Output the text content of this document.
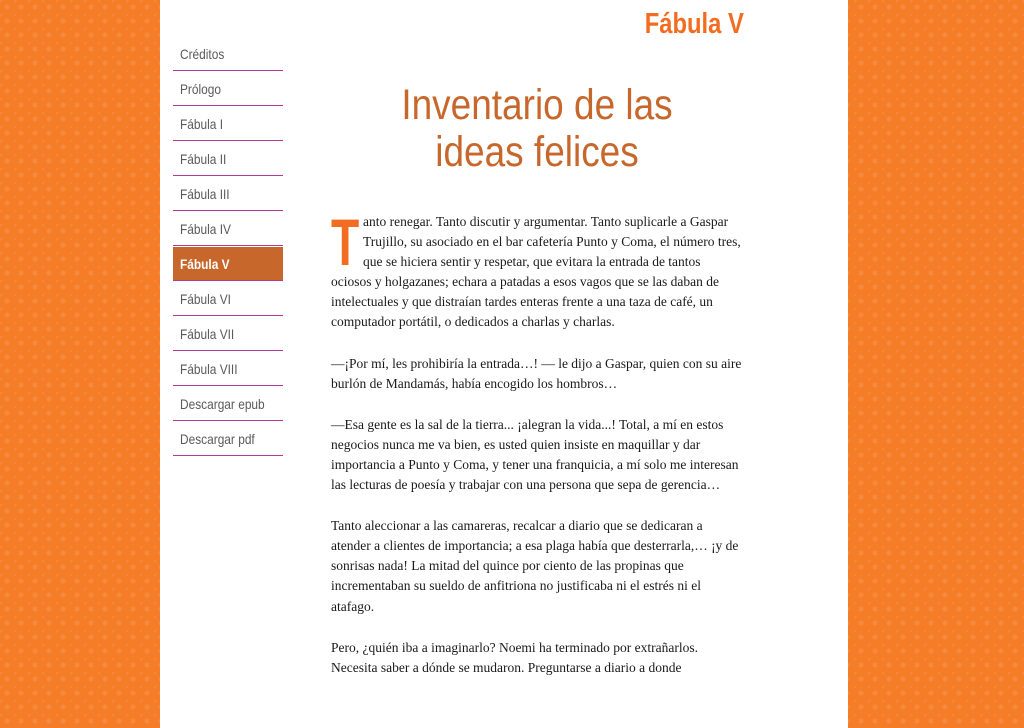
Fábula V
Créditos
Prólogo
Fábula I
Fábula II
Fábula III
Fábula IV
Fábula V
Fábula VI
Fábula VII
Fábula VIII
Descargar epub
Descargar pdf
Inventario de las ideas felices

Tanto renegar. Tanto discutir y argumentar. Tanto suplicarle a Gaspar Trujillo, su asociado en el bar cafetería Punto y Coma, el número tres, que se hiciera sentir y respetar, que evitara la entrada de tantos ociosos y holgazanes; echara a patadas a esos vagos que se las daban de intelectuales y que distraían tardes enteras frente a una taza de café, un computador portátil, o dedicados a charlas y charlas.

—¡Por mí, les prohibiría la entrada…! — le dijo a Gaspar, quien con su aire burlón de Mandamás, había encogido los hombros…

—Esa gente es la sal de la tierra... ¡alegran la vida...! Total, a mí en estos negocios nunca me va bien, es usted quien insiste en maquillar y dar importancia a Punto y Coma, y tener una franquicia, a mí solo me interesan las lecturas de poesía y trabajar con una persona que sepa de gerencia…

Tanto aleccionar a las camareras, recalcar a diario que se dedicaran a atender a clientes de importancia; a esa plaga había que desterrarla,… ¡y de sonrisas nada! La mitad del quince por ciento de las propinas que incrementaban su sueldo de anfitriona no justificaba ni el estrés ni el atafago.

Pero, ¿quién iba a imaginarlo? Noemi ha terminado por extrañarlos. Necesita saber a dónde se mudaron. Preguntarse a diario a donde
